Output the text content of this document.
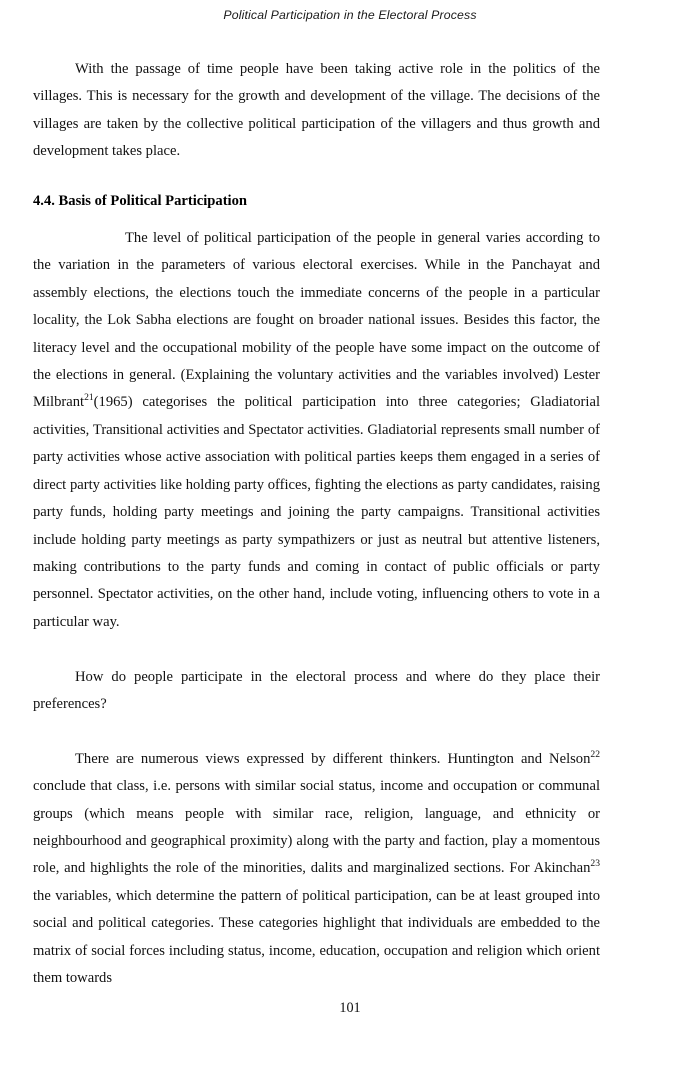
Political Participation in the Electoral Process

With the passage of time people have been taking active role in the politics of the villages. This is necessary for the growth and development of the village. The decisions of the villages are taken by the collective political participation of the villagers and thus growth and development takes place.

4.4. Basis of Political Participation

The level of political participation of the people in general varies according to the variation in the parameters of various electoral exercises. While in the Panchayat and assembly elections, the elections touch the immediate concerns of the people in a particular locality, the Lok Sabha elections are fought on broader national issues. Besides this factor, the literacy level and the occupational mobility of the people have some impact on the outcome of the elections in general. (Explaining the voluntary activities and the variables involved) Lester Milbrant$^{21}$(1965) categorises the political participation into three categories; Gladiatorial activities, Transitional activities and Spectator activities. Gladiatorial represents small number of party activities whose active association with political parties keeps them engaged in a series of direct party activities like holding party offices, fighting the elections as party candidates, raising party funds, holding party meetings and joining the party campaigns. Transitional activities include holding party meetings as party sympathizers or just as neutral but attentive listeners, making contributions to the party funds and coming in contact of public officials or party personnel. Spectator activities, on the other hand, include voting, influencing others to vote in a particular way.

How do people participate in the electoral process and where do they place their preferences?

There are numerous views expressed by different thinkers. Huntington and Nelson$^{22}$ conclude that class, i.e. persons with similar social status, income and occupation or communal groups (which means people with similar race, religion, language, and ethnicity or neighbourhood and geographical proximity) along with the party and faction, play a momentous role, and highlights the role of the minorities, dalits and marginalized sections. For Akinchan$^{23}$ the variables, which determine the pattern of political participation, can be at least grouped into social and political categories. These categories highlight that individuals are embedded to the matrix of social forces including status, income, education, occupation and religion which orient them towards

101
